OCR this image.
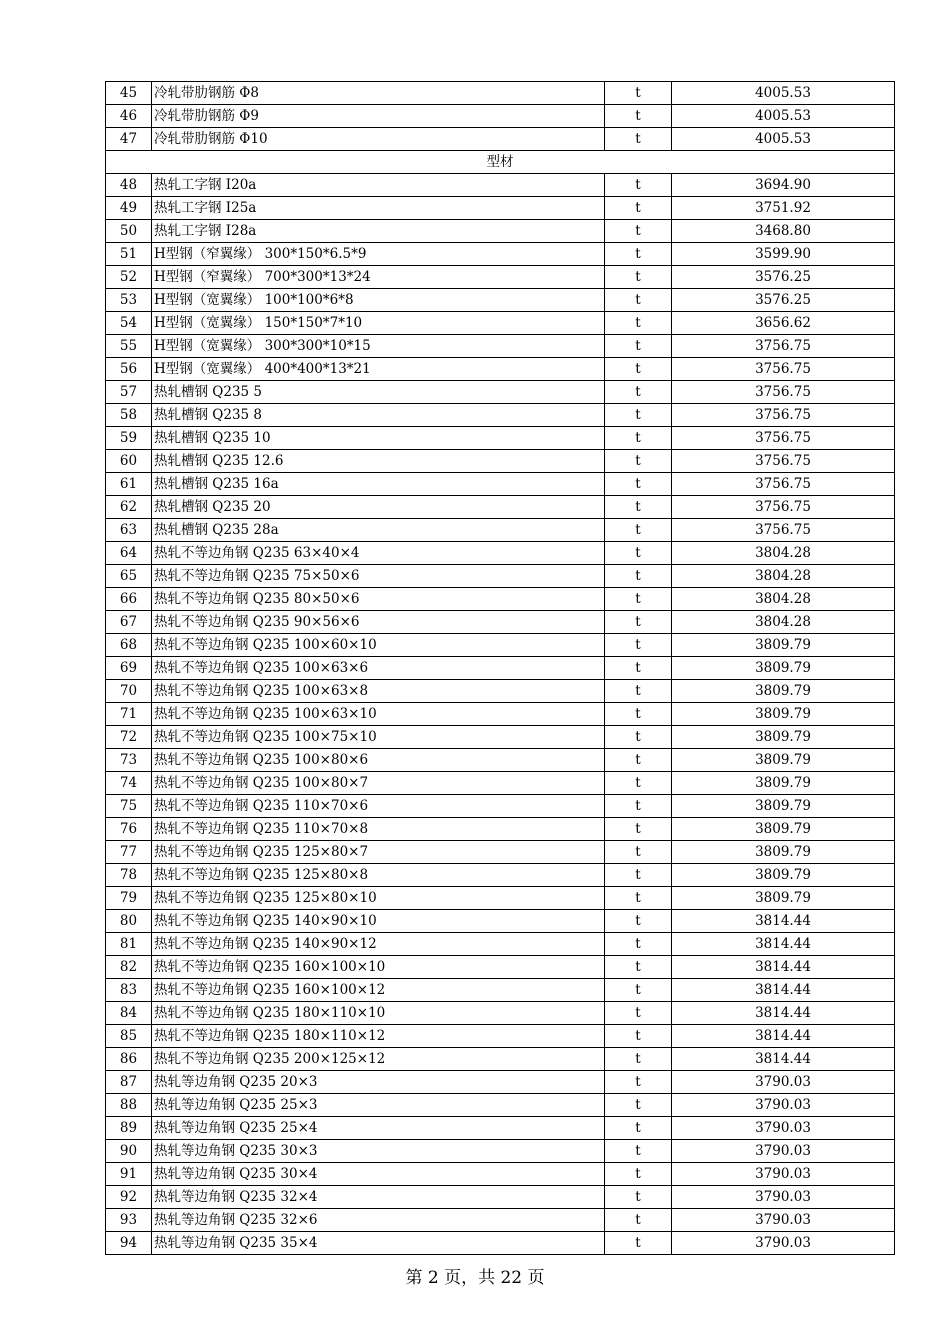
45	冷轧带肋钢筋 Φ8	t	4005.53
46	冷轧带肋钢筋 Φ9	t	4005.53
47	冷轧带肋钢筋 Φ10	t	4005.53
型材			
48	热轧工字钢 I20a	t	3694.90
49	热轧工字钢 I25a	t	3751.92
50	热轧工字钢 I28a	t	3468.80
51	H型钢（窄翼缘） 300*150*6.5*9	t	3599.90
52	H型钢（窄翼缘） 700*300*13*24	t	3576.25
53	H型钢（宽翼缘） 100*100*6*8	t	3576.25
54	H型钢（宽翼缘） 150*150*7*10	t	3656.62
55	H型钢（宽翼缘） 300*300*10*15	t	3756.75
56	H型钢（宽翼缘） 400*400*13*21	t	3756.75
57	热轧槽钢 Q235 5	t	3756.75
58	热轧槽钢 Q235 8	t	3756.75
59	热轧槽钢 Q235 10	t	3756.75
60	热轧槽钢 Q235 12.6	t	3756.75
61	热轧槽钢 Q235 16a	t	3756.75
62	热轧槽钢 Q235 20	t	3756.75
63	热轧槽钢 Q235 28a	t	3756.75
64	热轧不等边角钢 Q235 63×40×4	t	3804.28
65	热轧不等边角钢 Q235 75×50×6	t	3804.28
66	热轧不等边角钢 Q235 80×50×6	t	3804.28
67	热轧不等边角钢 Q235 90×56×6	t	3804.28
68	热轧不等边角钢 Q235 100×60×10	t	3809.79
69	热轧不等边角钢 Q235 100×63×6	t	3809.79
70	热轧不等边角钢 Q235 100×63×8	t	3809.79
71	热轧不等边角钢 Q235 100×63×10	t	3809.79
72	热轧不等边角钢 Q235 100×75×10	t	3809.79
73	热轧不等边角钢 Q235 100×80×6	t	3809.79
74	热轧不等边角钢 Q235 100×80×7	t	3809.79
75	热轧不等边角钢 Q235 110×70×6	t	3809.79
76	热轧不等边角钢 Q235 110×70×8	t	3809.79
77	热轧不等边角钢 Q235 125×80×7	t	3809.79
78	热轧不等边角钢 Q235 125×80×8	t	3809.79
79	热轧不等边角钢 Q235 125×80×10	t	3809.79
80	热轧不等边角钢 Q235 140×90×10	t	3814.44
81	热轧不等边角钢 Q235 140×90×12	t	3814.44
82	热轧不等边角钢 Q235 160×100×10	t	3814.44
83	热轧不等边角钢 Q235 160×100×12	t	3814.44
84	热轧不等边角钢 Q235 180×110×10	t	3814.44
85	热轧不等边角钢 Q235 180×110×12	t	3814.44
86	热轧不等边角钢 Q235 200×125×12	t	3814.44
87	热轧等边角钢 Q235 20×3	t	3790.03
88	热轧等边角钢 Q235 25×3	t	3790.03
89	热轧等边角钢 Q235 25×4	t	3790.03
90	热轧等边角钢 Q235 30×3	t	3790.03
91	热轧等边角钢 Q235 30×4	t	3790.03
92	热轧等边角钢 Q235 32×4	t	3790.03
93	热轧等边角钢 Q235 32×6	t	3790.03
94	热轧等边角钢 Q235 35×4	t	3790.03
第 2 页，共 22 页
